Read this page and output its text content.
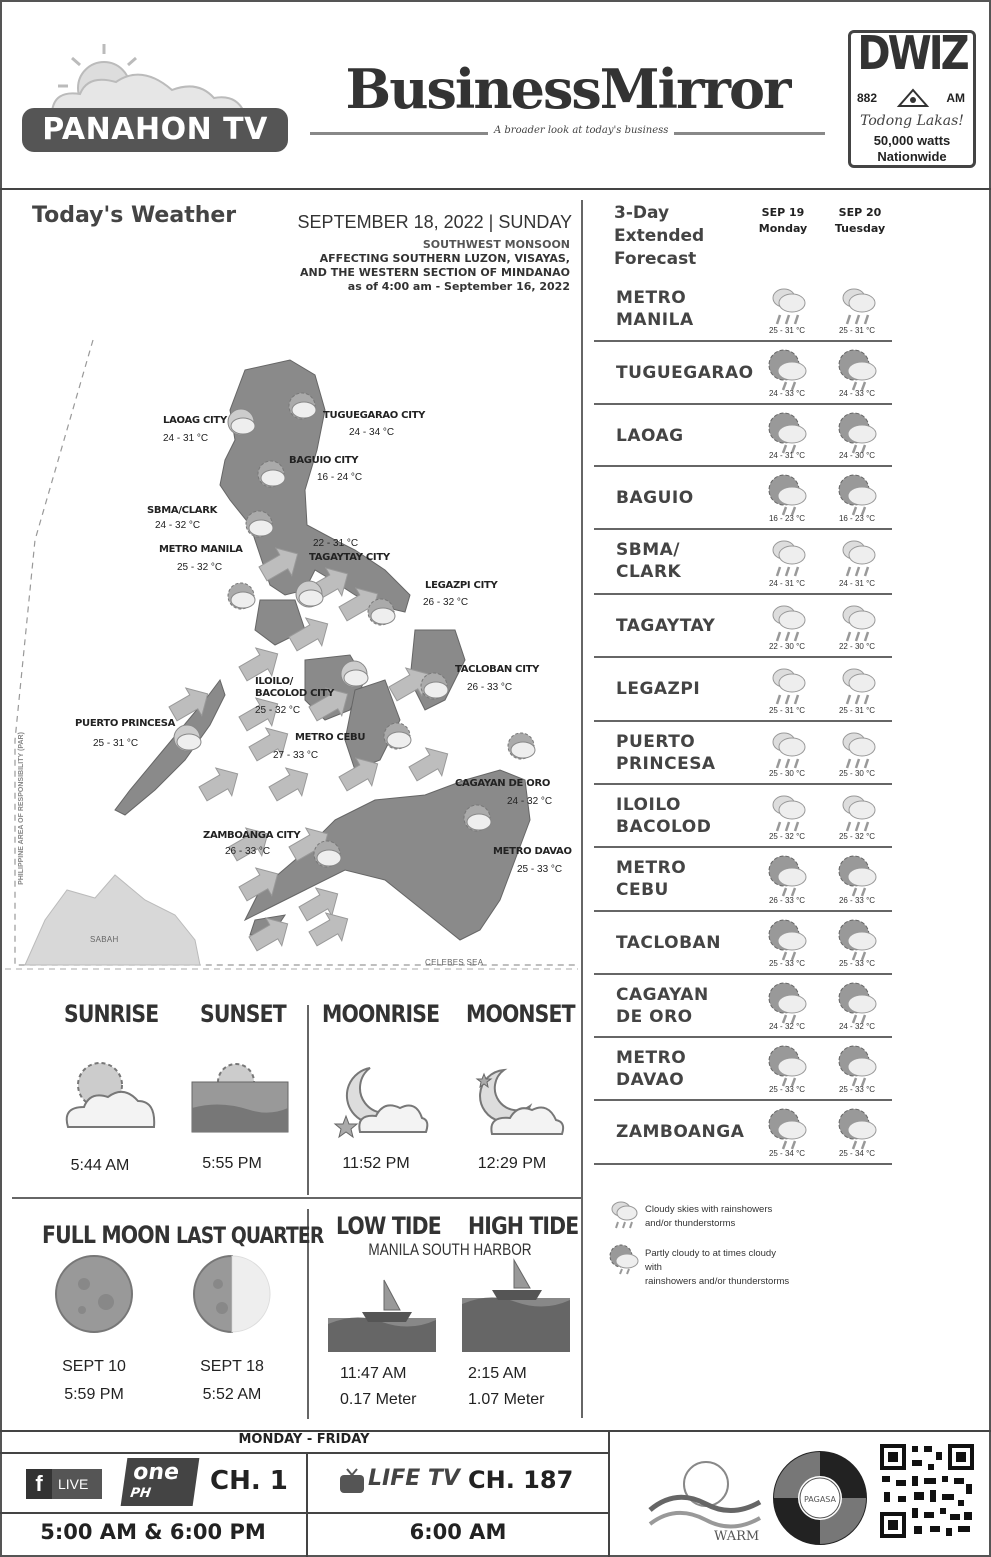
PANAHON TV
BusinessMirror
A broader look at today's business
DWIZ
882	AM
Todong Lakas!
50,000 watts
Nationwide
Today's Weather	SEPTEMBER 18, 2022 | SUNDAY
SOUTHWEST MONSOON
AFFECTING SOUTHERN LUZON, VISAYAS,
AND THE WESTERN SECTION OF MINDANAO
as of 4:00 am - September 16, 2022
LAOAG CITY
24 - 31 °C
TUGUEGARAO CITY
24 - 34 °C
BAGUIO CITY
16 - 24 °C
SBMA/CLARK
24 - 32 °C
METRO MANILA
25 - 32 °C
TAGAYTAY CITY
22 - 31 °C
LEGAZPI CITY
26 - 32 °C
ILOILO/ BACOLOD CITY
25 - 32 °C
TACLOBAN CITY
26 - 33 °C
PUERTO PRINCESA
25 - 31 °C
METRO CEBU
27 - 33 °C
CAGAYAN DE ORO
24 - 32 °C
ZAMBOANGA CITY
26 - 33 °C	METRO DAVAO
25 - 33 °C
SABAH
CELEBES SEA
PHILIPPINE AREA OF RESPONSIBILITY (PAR)
3-Day
Extended
Forecast
SEP 19
Monday
SEP 20
Tuesday
METRO
MANILA
25 - 31 °C	25 - 31 °C
TUGUEGARAO
24 - 33 °C	24 - 33 °C
LAOAG
24 - 31 °C	24 - 30 °C
BAGUIO
16 - 23 °C	16 - 23 °C
SBMA/
CLARK
24 - 31 °C	24 - 31 °C
TAGAYTAY
22 - 30 °C	22 - 30 °C
LEGAZPI
25 - 31 °C	25 - 31 °C
PUERTO
PRINCESA	25 - 30 °C	25 - 30 °C
ILOILO
BACOLOD	25 - 32 °C	25 - 32 °C
METRO
CEBU
26 - 33 °C	26 - 33 °C
TACLOBAN
25 - 33 °C	25 - 33 °C
CAGAYAN
DE ORO	24 - 32 °C	24 - 32 °C
METRO
DAVAO	25 - 33 °C	25 - 33 °C
ZAMBOANGA
25 - 34 °C	25 - 34 °C
Cloudy skies with rainshowers
and/or thunderstorms
Partly cloudy to at times cloudy with
rainshowers and/or thunderstorms
SUNRISE SUNSET MOONRISE MOONSET
5:44 AM	5:55 PM	11:52 PM	12:29 PM
FULL MOON LAST QUARTER
SEPT 10
5:59 PM
SEPT 18
5:52 AM
LOW TIDE HIGH TIDE
MANILA SOUTH HARBOR
11:47 AM
0.17 Meter
2:15 AM
1.07 Meter
MONDAY - FRIDAY
f	LIVE one
PH CH. 1	LIFE TV CH. 187
5:00 AM & 6:00 PM	6:00 AM	WARM
PAGASA
